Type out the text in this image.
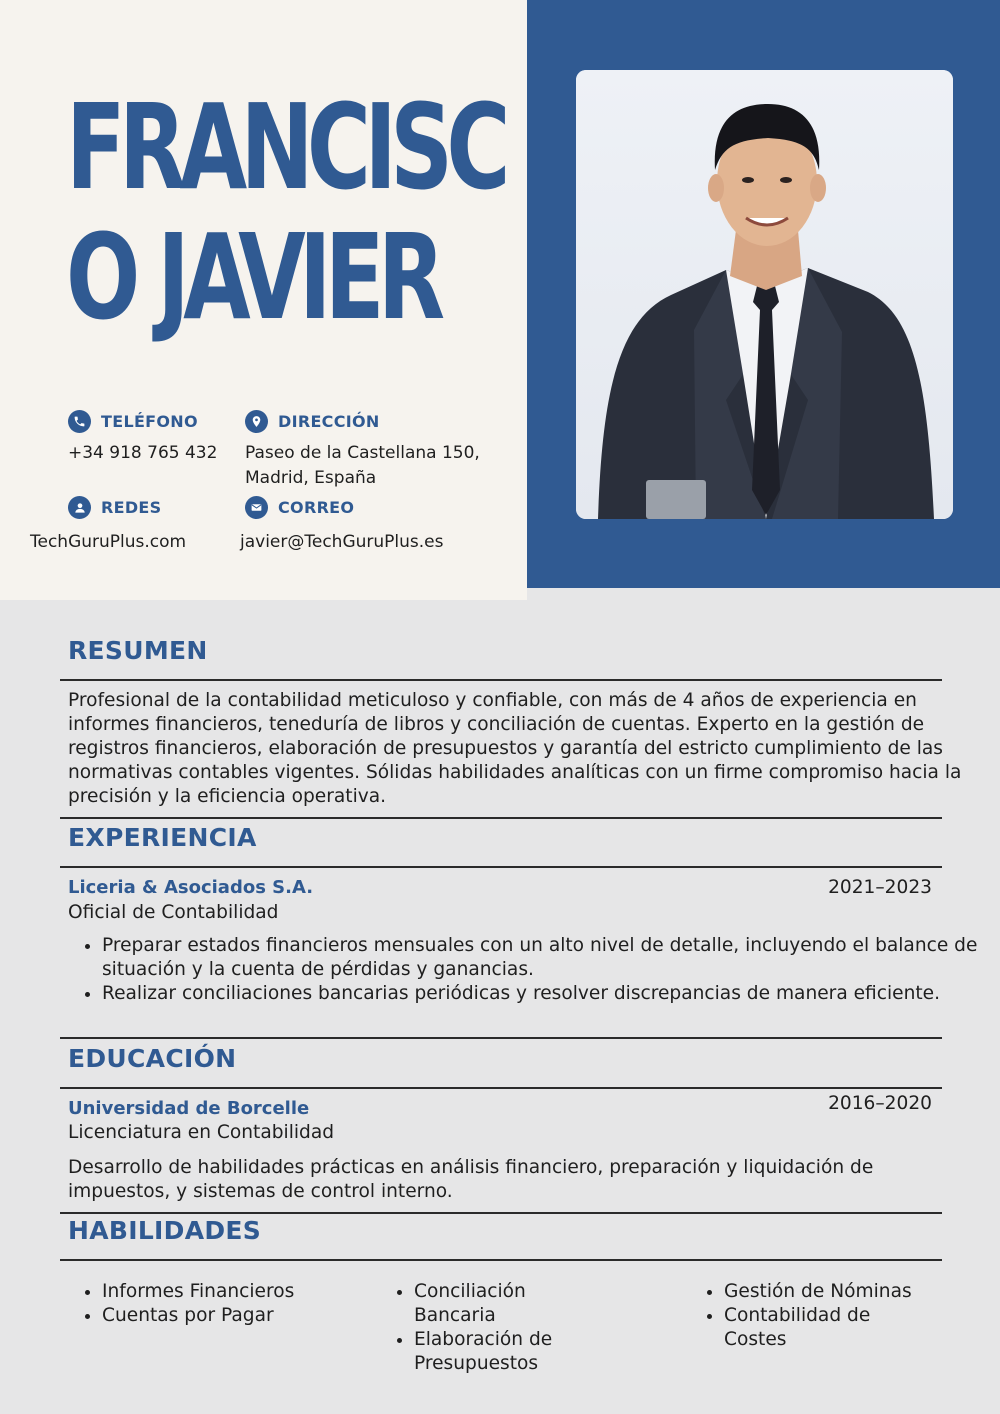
FRANCISCO JAVIER
TELÉFONO
+34 918 765 432
DIRECCIÓN
Paseo de la Castellana 150,
Madrid, España
REDES
TechGuruPlus.com
CORREO
javier@TechGuruPlus.es
RESUMEN

Profesional de la contabilidad meticuloso y confiable, con más de 4 años de experiencia en informes financieros, teneduría de libros y conciliación de cuentas. Experto en la gestión de registros financieros, elaboración de presupuestos y garantía del estricto cumplimiento de las normativas contables vigentes. Sólidas habilidades analíticas con un firme compromiso hacia la precisión y la eficiencia operativa.

EXPERIENCIA

Liceria & Asociados S.A.	2021–2023

Oficial de Contabilidad

• Preparar estados financieros mensuales con un alto nivel de detalle, incluyendo el balance de situación y la cuenta de pérdidas y ganancias.
• Realizar conciliaciones bancarias periódicas y resolver discrepancias de manera eficiente.
EDUCACIÓN

Universidad de Borcelle	2016–2020

Licenciatura en Contabilidad

Desarrollo de habilidades prácticas en análisis financiero, preparación y liquidación de impuestos, y sistemas de control interno.

HABILIDADES
• Informes Financieros
• Cuentas por Pagar
• Conciliación Bancaria
• Elaboración de Presupuestos
• Gestión de Nóminas
• Contabilidad de Costes
